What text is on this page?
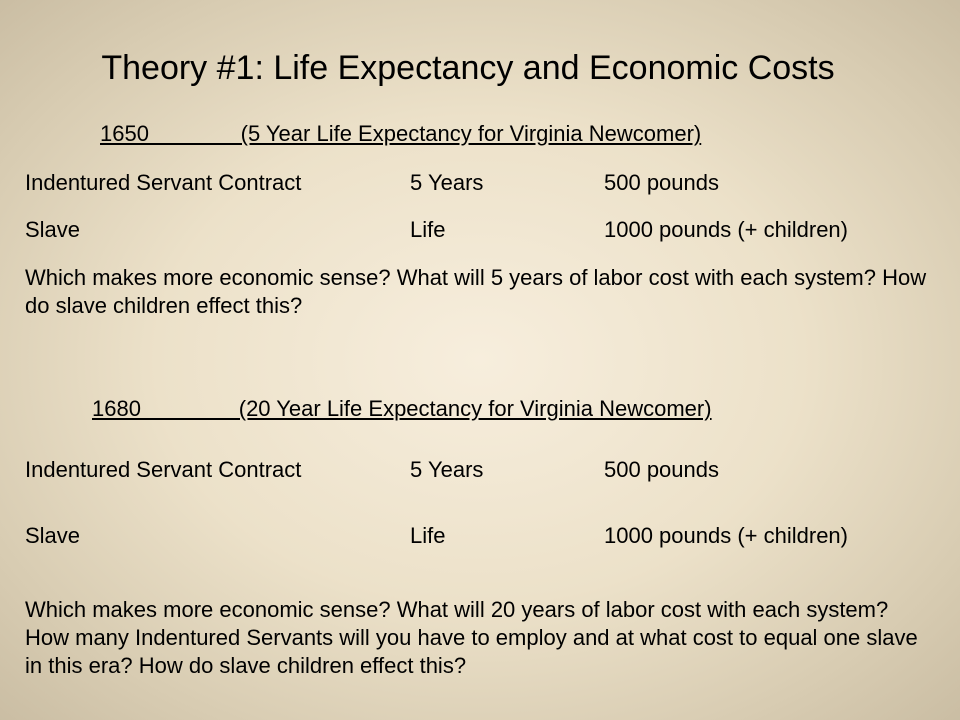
Theory #1: Life Expectancy and Economic Costs
1650               (5 Year Life Expectancy for Virginia Newcomer)
Indentured Servant Contract	5 Years	500 pounds
Slave	Life	1000 pounds (+ children)
Which makes more economic sense? What will 5 years of labor cost with each system? How do slave children effect this?
1680                (20 Year Life Expectancy for Virginia Newcomer)
Indentured Servant Contract	5 Years	500 pounds
Slave	Life	1000 pounds (+ children)
Which makes more economic sense? What will 20 years of labor cost with each system? How many Indentured Servants will you have to employ and at what cost to equal one slave in this era? How do slave children effect this?
